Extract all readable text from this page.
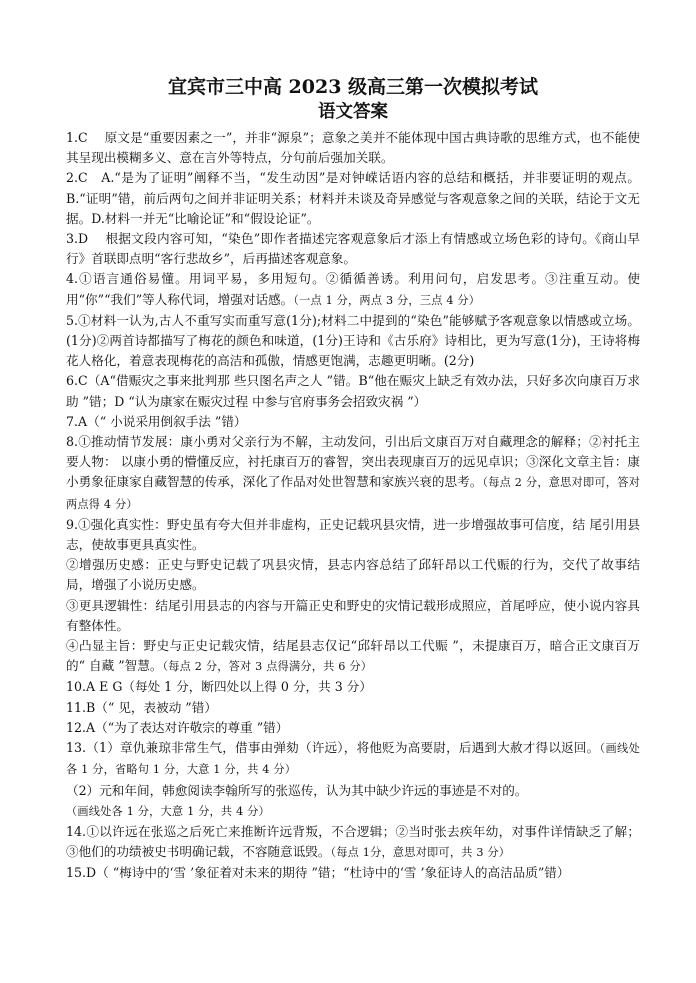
宜宾市三中高 2023 级高三第一次模拟考试
语文答案

1.C　 原文是“重要因素之一”，并非“源泉”；意象之美并不能体现中国古典诗歌的思维方式，也不能使其呈现出模糊多义、意在言外等特点，分句前后强加关联。

2.C　A.“是为了证明”阐释不当，“发生动因”是对钟嵘话语内容的总结和概括，并非要证明的观点。B.“证明”错，前后两句之间并非证明关系；材料并未谈及奇异感觉与客观意象之间的关联，结论于文无据。D.材料一并无“比喻论证”和“假设论证”。

3.D　 根据文段内容可知，“染色”即作者描述完客观意象后才添上有情感或立场色彩的诗句。《商山早行》首联即点明“客行悲故乡”，后再描述客观意象。

4.①语言通俗易懂。用词平易，多用短句。②循循善诱。利用问句，启发思考。③注重互动。使用“你”“我们”等人称代词，增强对话感。（一点 1 分，两点 3 分，三点 4 分）

5.①材料一认为,古人不重写实而重写意(1分);材料二中提到的“染色”能够赋予客观意象以情感或立场。(1分)②两首诗都描写了梅花的颜色和味道，(1分)王诗和《古乐府》诗相比，更为写意(1分)，王诗将梅花人格化，着意表现梅花的高洁和孤傲，情感更饱满，志趣更明晰。(2分)

6.C（A“借赈灾之事来批判那 些只图名声之人 ”错。B“他在赈灾上缺乏有效办法，只好多次向康百万求助 ”错；D “认为康家在赈灾过程 中参与官府事务会招致灾祸 ”）

7.A（“ 小说采用倒叙手法 ”错）

8.①推动情节发展：康小勇对父亲行为不解，主动发问，引出后文康百万对自藏理念的解释；②衬托主要人物： 以康小勇的懵懂反应，衬托康百万的睿智，突出表现康百万的远见卓识；③深化文章主旨：康小勇象征康家自藏智慧的传承，深化了作品对处世智慧和家族兴衰的思考。（每点 2 分，意思对即可，答对两点得 4 分）

9.①强化真实性：野史虽有夸大但并非虚构，正史记载巩县灾情，进一步增强故事可信度，结 尾引用县志，使故事更具真实性。

②增强历史感：正史与野史记载了巩县灾情，县志内容总结了邱轩昂以工代赈的行为，交代了故事结局，增强了小说历史感。

③更具逻辑性：结尾引用县志的内容与开篇正史和野史的灾情记载形成照应，首尾呼应，使小说内容具有整体性。

④凸显主旨：野史与正史记载灾情，结尾县志仅记“邱轩昂以工代赈 ”，未提康百万，暗合正文康百万的“ 自藏 ”智慧。（每点 2 分，答对 3 点得满分，共 6 分）

10.A E G（每处 1 分，断四处以上得 0 分，共 3 分）

11.B（“ 见，表被动 ”错）

12.A（“为了表达对许敬宗的尊重 ”错）

13.（1）章仇兼琼非常生气，借事由弹劾（许远），将他贬为高要尉，后遇到大赦才得以返回。（画线处各 1 分，省略句 1 分，大意 1 分，共 4 分）

（2）元和年间，韩愈阅读李翰所写的张巡传，认为其中缺少许远的事迹是不对的。
（画线处各 1 分，大意 1 分，共 4 分）

14.①以许远在张巡之后死亡来推断许远背叛，不合逻辑；②当时张去疾年幼，对事件详情缺乏了解；③他们的功绩被史书明确记载，不容随意诋毁。（每点 1分，意思对即可，共 3 分）

15.D（ “梅诗中的‘雪 ’象征着对未来的期待 ”错；“杜诗中的‘雪 ’象征诗人的高洁品质”错）
